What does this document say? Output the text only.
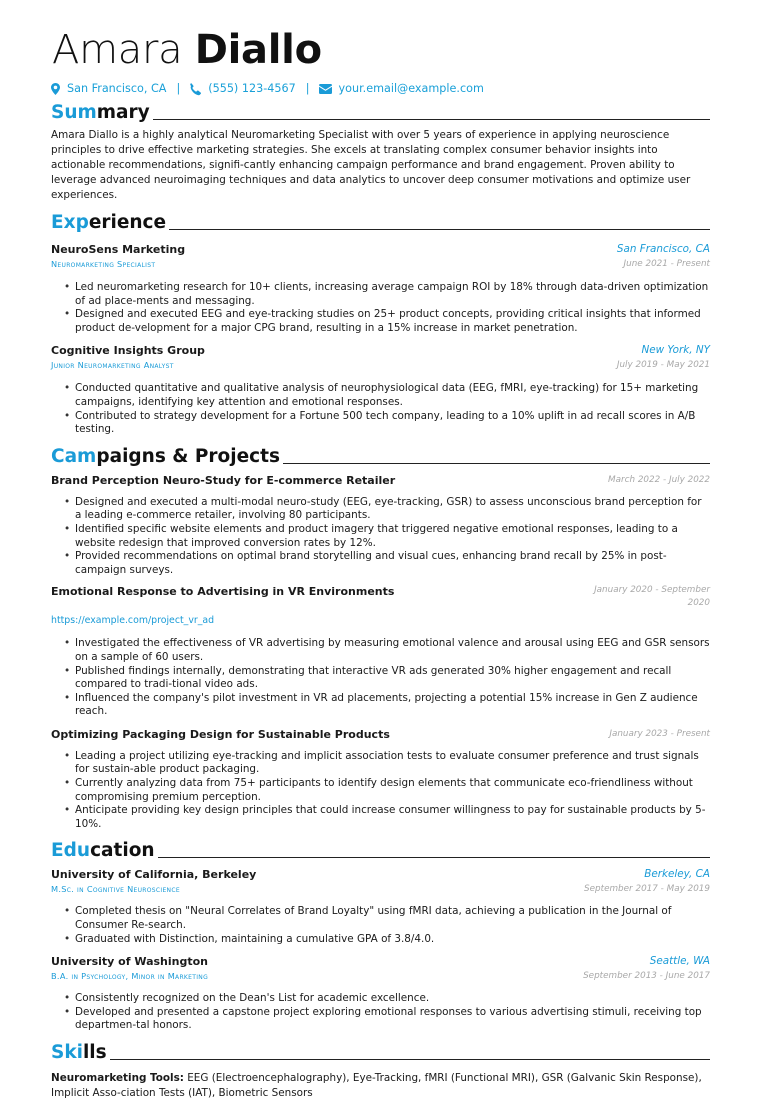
Amara Diallo
San Francisco, CA |	(555) 123-4567 |	your.email@example.com
Summary
Amara Diallo is a highly analytical Neuromarketing Specialist with over 5 years of experience in applying neuroscience principles to drive effective marketing strategies. She excels at translating complex consumer behavior insights into actionable recommendations, signifi-cantly enhancing campaign performance and brand engagement. Proven ability to leverage advanced neuroimaging techniques and data analytics to uncover deep consumer motivations and optimize user experiences.
Experience
NeuroSens Marketing	San Francisco, CA
Neuromarketing Specialist	June 2021 - Present
• Led neuromarketing research for 10+ clients, increasing average campaign ROI by 18% through data-driven optimization of ad place-ments and messaging.
• Designed and executed EEG and eye-tracking studies on 25+ product concepts, providing critical insights that informed product de-velopment for a major CPG brand, resulting in a 15% increase in market penetration.
Cognitive Insights Group	New York, NY
Junior Neuromarketing Analyst	July 2019 - May 2021
• Conducted quantitative and qualitative analysis of neurophysiological data (EEG, fMRI, eye-tracking) for 15+ marketing campaigns, identifying key attention and emotional responses.
• Contributed to strategy development for a Fortune 500 tech company, leading to a 10% uplift in ad recall scores in A/B testing.
Campaigns & Projects
Brand Perception Neuro-Study for E-commerce Retailer	March 2022 - July 2022
• Designed and executed a multi-modal neuro-study (EEG, eye-tracking, GSR) to assess unconscious brand perception for a leading e-commerce retailer, involving 80 participants.
• Identified specific website elements and product imagery that triggered negative emotional responses, leading to a website redesign that improved conversion rates by 12%.
• Provided recommendations on optimal brand storytelling and visual cues, enhancing brand recall by 25% in post-campaign surveys.
Emotional Response to Advertising in VR Environments	January 2020 - September 2020
https://example.com/project_vr_ad
• Investigated the effectiveness of VR advertising by measuring emotional valence and arousal using EEG and GSR sensors on a sample of 60 users.
• Published findings internally, demonstrating that interactive VR ads generated 30% higher engagement and recall compared to tradi-tional video ads.
• Influenced the company's pilot investment in VR ad placements, projecting a potential 15% increase in Gen Z audience reach.
Optimizing Packaging Design for Sustainable Products	January 2023 - Present
• Leading a project utilizing eye-tracking and implicit association tests to evaluate consumer preference and trust signals for sustain-able product packaging.
• Currently analyzing data from 75+ participants to identify design elements that communicate eco-friendliness without compromising premium perception.
• Anticipate providing key design principles that could increase consumer willingness to pay for sustainable products by 5-10%.
Education
University of California, Berkeley	Berkeley, CA
M.Sc. in Cognitive Neuroscience	September 2017 - May 2019
• Completed thesis on "Neural Correlates of Brand Loyalty" using fMRI data, achieving a publication in the Journal of Consumer Re-search.
• Graduated with Distinction, maintaining a cumulative GPA of 3.8/4.0.
University of Washington	Seattle, WA
B.A. in Psychology, Minor in Marketing	September 2013 - June 2017
• Consistently recognized on the Dean's List for academic excellence.
• Developed and presented a capstone project exploring emotional responses to various advertising stimuli, receiving top departmen-tal honors.
Skills
Neuromarketing Tools: EEG (Electroencephalography), Eye-Tracking, fMRI (Functional MRI), GSR (Galvanic Skin Response), Implicit Asso-ciation Tests (IAT), Biometric Sensors
